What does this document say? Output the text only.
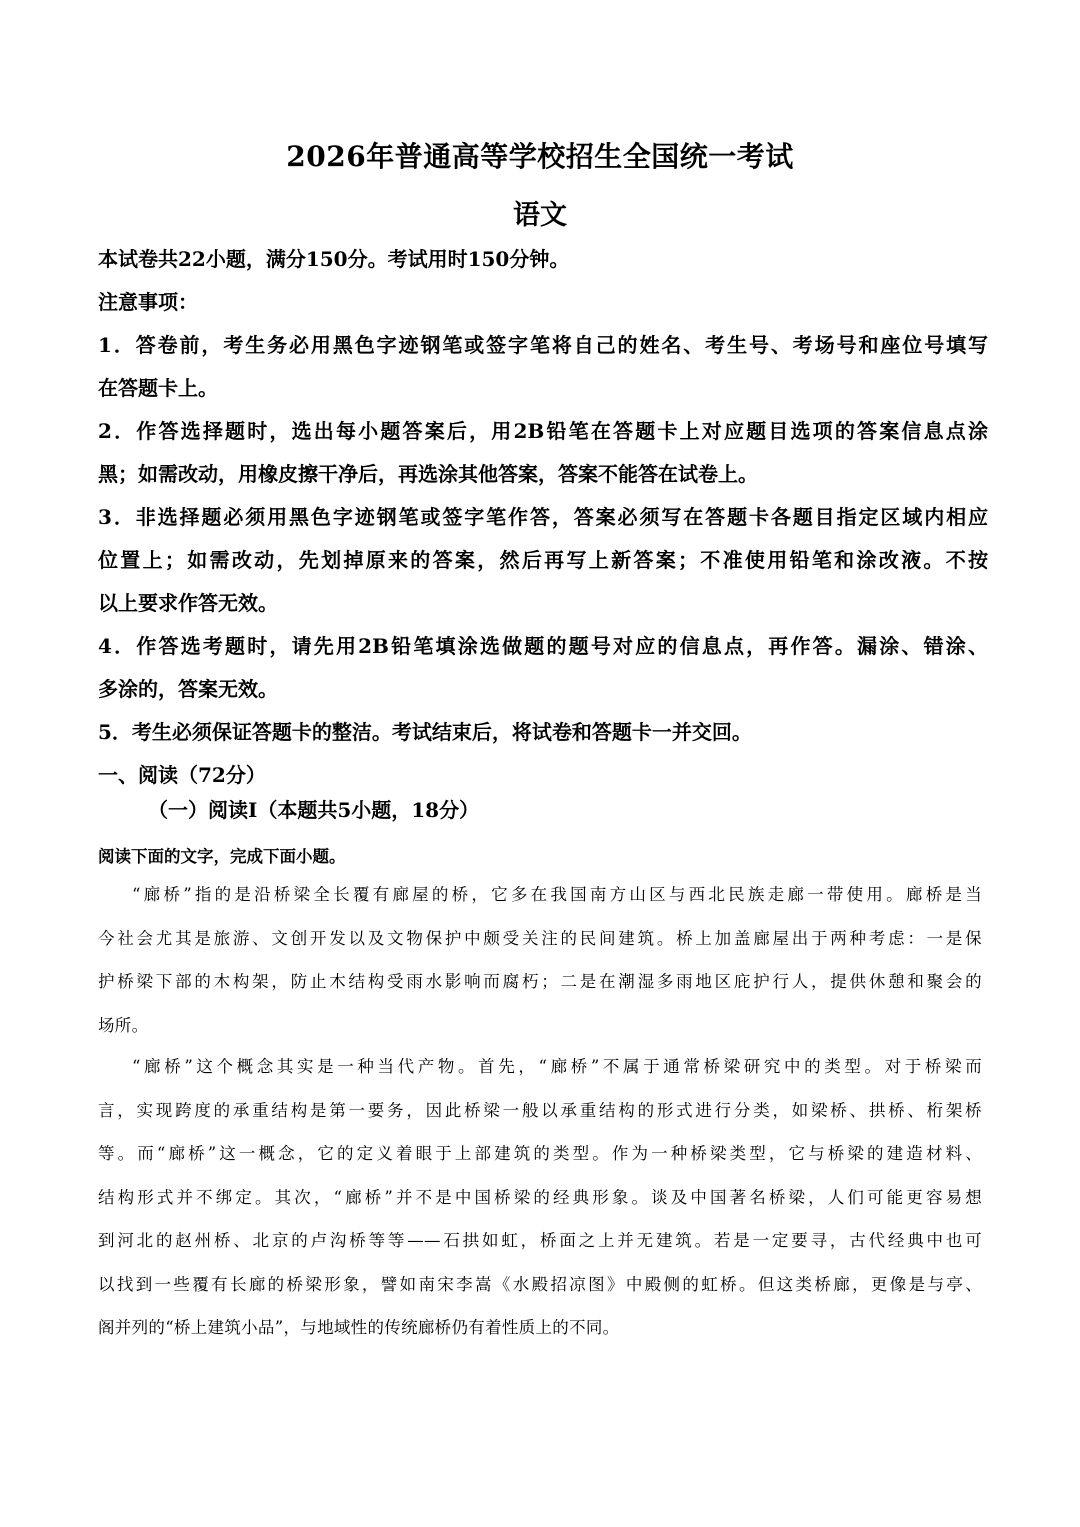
2026年普通高等学校招生全国统一考试
语文
本试卷共22小题，满分150分。考试用时150分钟。
注意事项：
1．答卷前，考生务必用黑色字迹钢笔或签字笔将自己的姓名、考生号、考场号和座位号填写
在答题卡上。
2．作答选择题时，选出每小题答案后，用2B铅笔在答题卡上对应题目选项的答案信息点涂
黑；如需改动，用橡皮擦干净后，再选涂其他答案，答案不能答在试卷上。
3．非选择题必须用黑色字迹钢笔或签字笔作答，答案必须写在答题卡各题目指定区域内相应
位置上；如需改动，先划掉原来的答案，然后再写上新答案；不准使用铅笔和涂改液。不按
以上要求作答无效。
4．作答选考题时，请先用2B铅笔填涂选做题的题号对应的信息点，再作答。漏涂、错涂、
多涂的，答案无效。
5．考生必须保证答题卡的整洁。考试结束后，将试卷和答题卡一并交回。
一、阅读（72分）
（一）阅读I（本题共5小题，18分）
阅读下面的文字，完成下面小题。
“廊桥”指的是沿桥梁全长覆有廊屋的桥，它多在我国南方山区与西北民族走廊一带使用。廊桥是当
今社会尤其是旅游、文创开发以及文物保护中颇受关注的民间建筑。桥上加盖廊屋出于两种考虑：一是保
护桥梁下部的木构架，防止木结构受雨水影响而腐朽；二是在潮湿多雨地区庇护行人，提供休憩和聚会的
场所。
“廊桥”这个概念其实是一种当代产物。首先，“廊桥”不属于通常桥梁研究中的类型。对于桥梁而
言，实现跨度的承重结构是第一要务，因此桥梁一般以承重结构的形式进行分类，如梁桥、拱桥、桁架桥
等。而“廊桥”这一概念，它的定义着眼于上部建筑的类型。作为一种桥梁类型，它与桥梁的建造材料、
结构形式并不绑定。其次，“廊桥”并不是中国桥梁的经典形象。谈及中国著名桥梁，人们可能更容易想
到河北的赵州桥、北京的卢沟桥等等——石拱如虹，桥面之上并无建筑。若是一定要寻，古代经典中也可
以找到一些覆有长廊的桥梁形象，譬如南宋李嵩《水殿招凉图》中殿侧的虹桥。但这类桥廊，更像是与亭、
阁并列的“桥上建筑小品”，与地域性的传统廊桥仍有着性质上的不同。
